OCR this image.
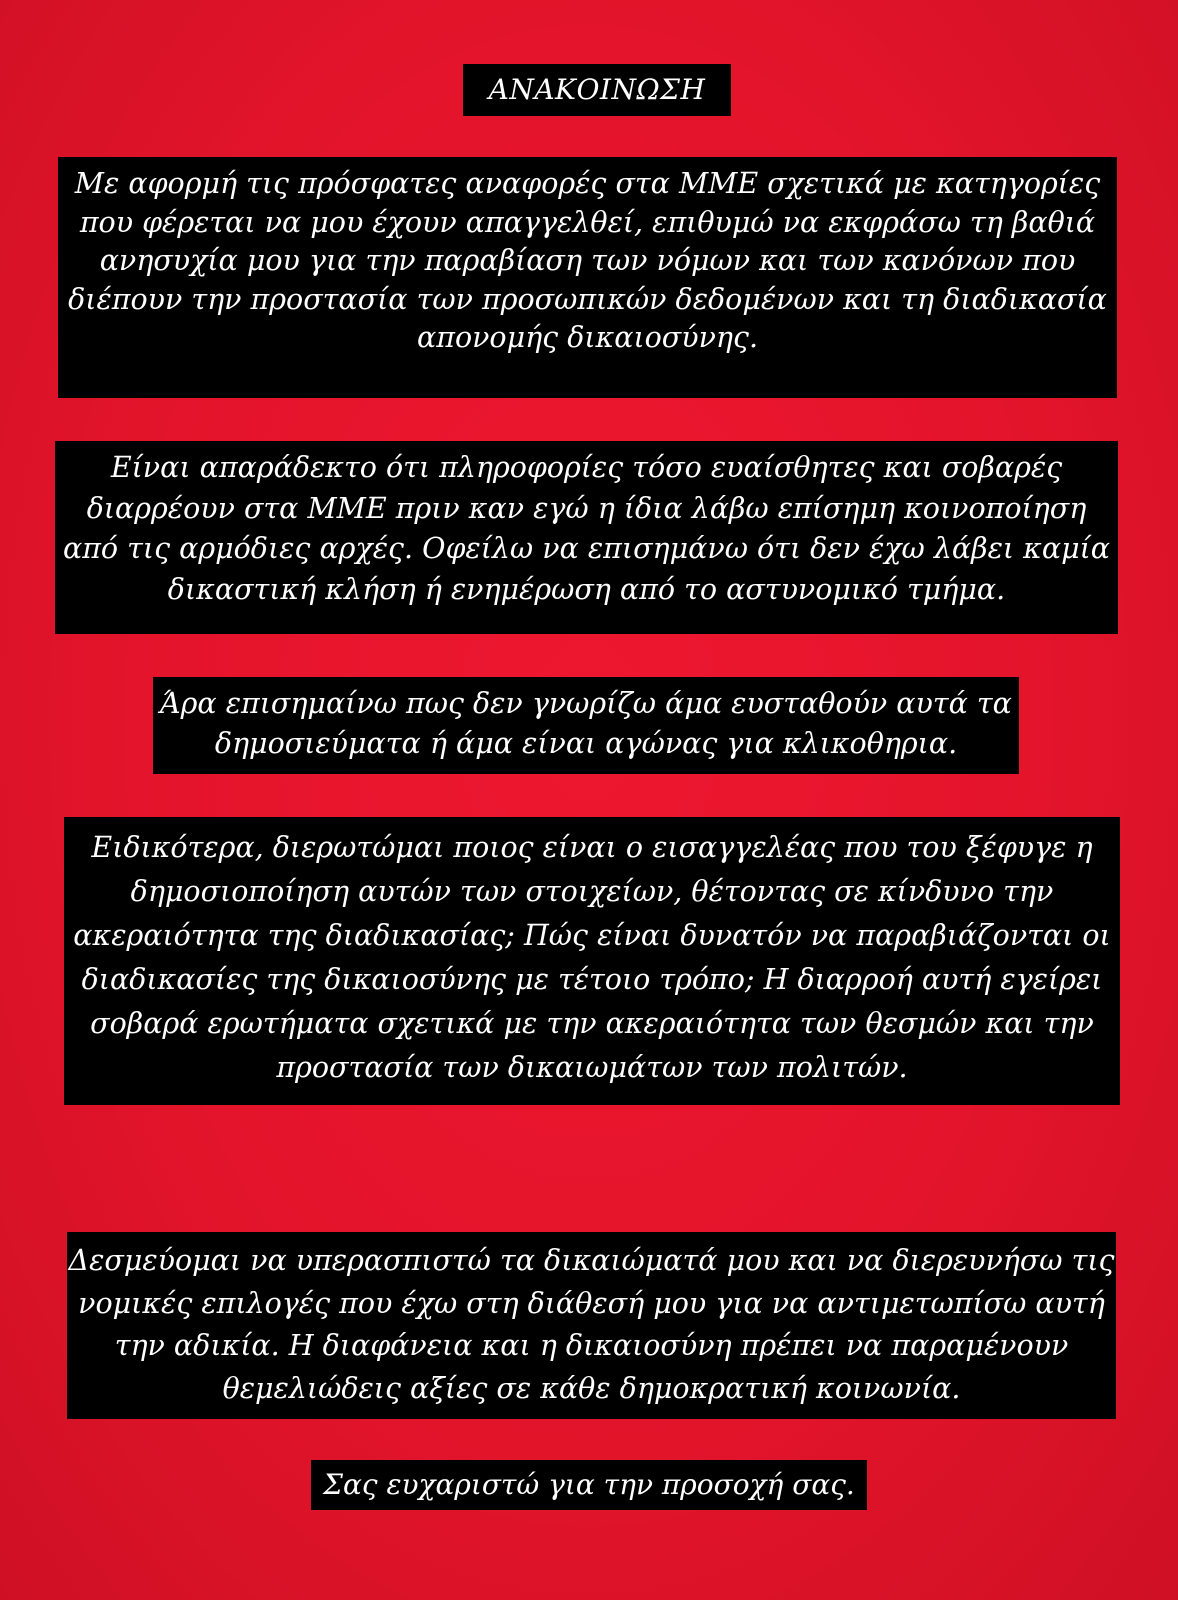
ΑΝΑΚΟΙΝΩΣΗ
Με αφορμή τις πρόσφατες αναφορές στα ΜΜΕ σχετικά με κατηγορίες
που φέρεται να μου έχουν απαγγελθεί, επιθυμώ να εκφράσω τη βαθιά
ανησυχία μου για την παραβίαση των νόμων και των κανόνων που
διέπουν την προστασία των προσωπικών δεδομένων και τη διαδικασία
απονομής δικαιοσύνης.
Είναι απαράδεκτο ότι πληροφορίες τόσο ευαίσθητες και σοβαρές
διαρρέουν στα ΜΜΕ πριν καν εγώ η ίδια λάβω επίσημη κοινοποίηση
από τις αρμόδιες αρχές. Οφείλω να επισημάνω ότι δεν έχω λάβει καμία
δικαστική κλήση ή ενημέρωση από το αστυνομικό τμήμα.
Άρα επισημαίνω πως δεν γνωρίζω άμα ευσταθούν αυτά τα
δημοσιεύματα ή άμα είναι αγώνας για κλικοθηρια.
Ειδικότερα, διερωτώμαι ποιος είναι ο εισαγγελέας που του ξέφυγε η
δημοσιοποίηση αυτών των στοιχείων, θέτοντας σε κίνδυνο την
ακεραιότητα της διαδικασίας; Πώς είναι δυνατόν να παραβιάζονται οι
διαδικασίες της δικαιοσύνης με τέτοιο τρόπο; Η διαρροή αυτή εγείρει
σοβαρά ερωτήματα σχετικά με την ακεραιότητα των θεσμών και την
προστασία των δικαιωμάτων των πολιτών.
Δεσμεύομαι να υπερασπιστώ τα δικαιώματά μου και να διερευνήσω τις
νομικές επιλογές που έχω στη διάθεσή μου για να αντιμετωπίσω αυτή
την αδικία. Η διαφάνεια και η δικαιοσύνη πρέπει να παραμένουν
θεμελιώδεις αξίες σε κάθε δημοκρατική κοινωνία.
Σας ευχαριστώ για την προσοχή σας.
